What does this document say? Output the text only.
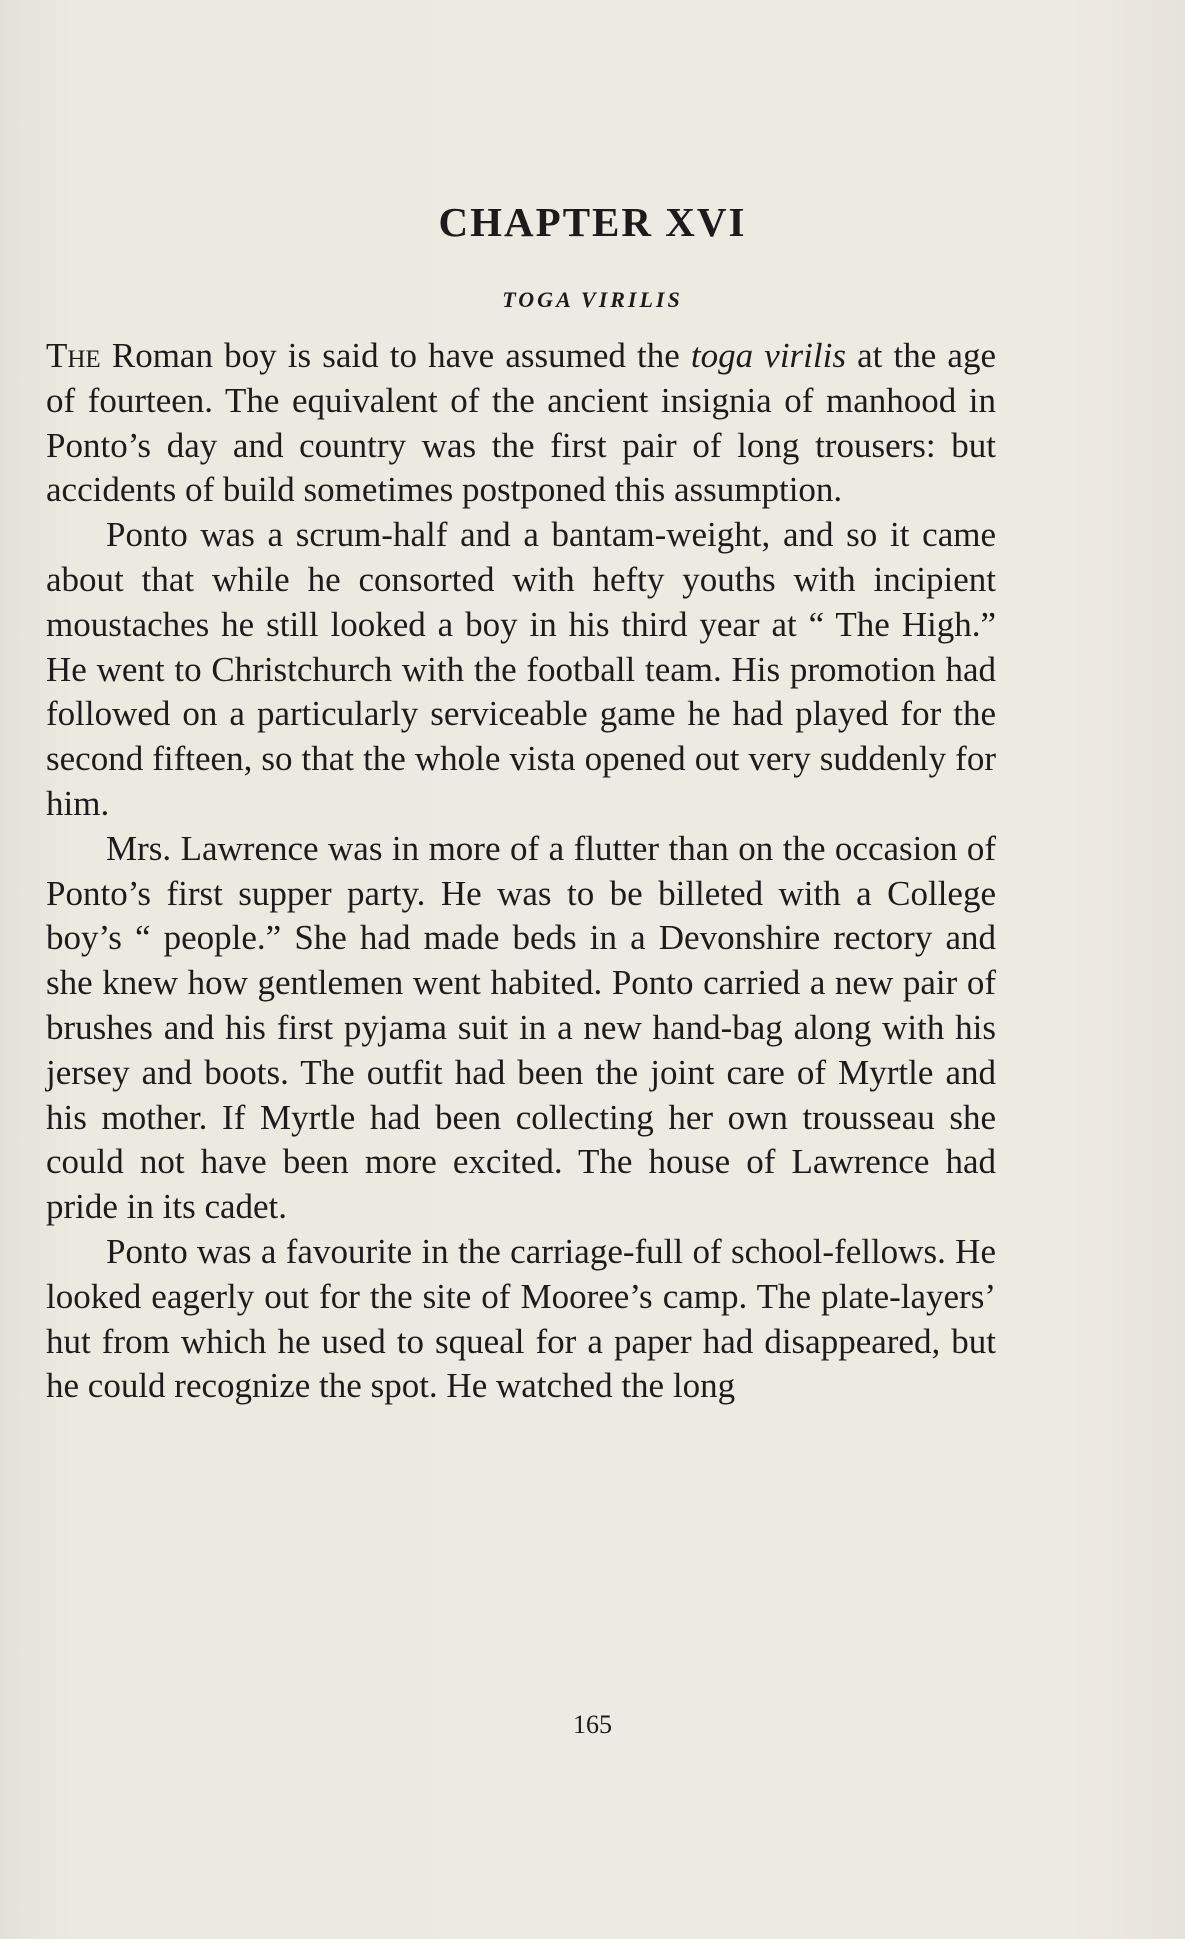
CHAPTER XVI
TOGA VIRILIS

The Roman boy is said to have assumed the toga virilis at the age of fourteen. The equivalent of the ancient insignia of manhood in Ponto’s day and country was the first pair of long trousers: but accidents of build sometimes postponed this assumption.

Ponto was a scrum-half and a bantam-weight, and so it came about that while he consorted with hefty youths with incipient moustaches he still looked a boy in his third year at “ The High.” He went to Christchurch with the football team. His promotion had followed on a particularly serviceable game he had played for the second fifteen, so that the whole vista opened out very suddenly for him.

Mrs. Lawrence was in more of a flutter than on the occasion of Ponto’s first supper party. He was to be billeted with a College boy’s “ people.” She had made beds in a Devonshire rectory and she knew how gentlemen went habited. Ponto carried a new pair of brushes and his first pyjama suit in a new hand-bag along with his jersey and boots. The outfit had been the joint care of Myrtle and his mother. If Myrtle had been collecting her own trousseau she could not have been more excited. The house of Lawrence had pride in its cadet.

Ponto was a favourite in the carriage-full of school-fellows. He looked eagerly out for the site of Mooree’s camp. The plate-layers’ hut from which he used to squeal for a paper had disappeared, but he could recognize the spot. He watched the long

165
